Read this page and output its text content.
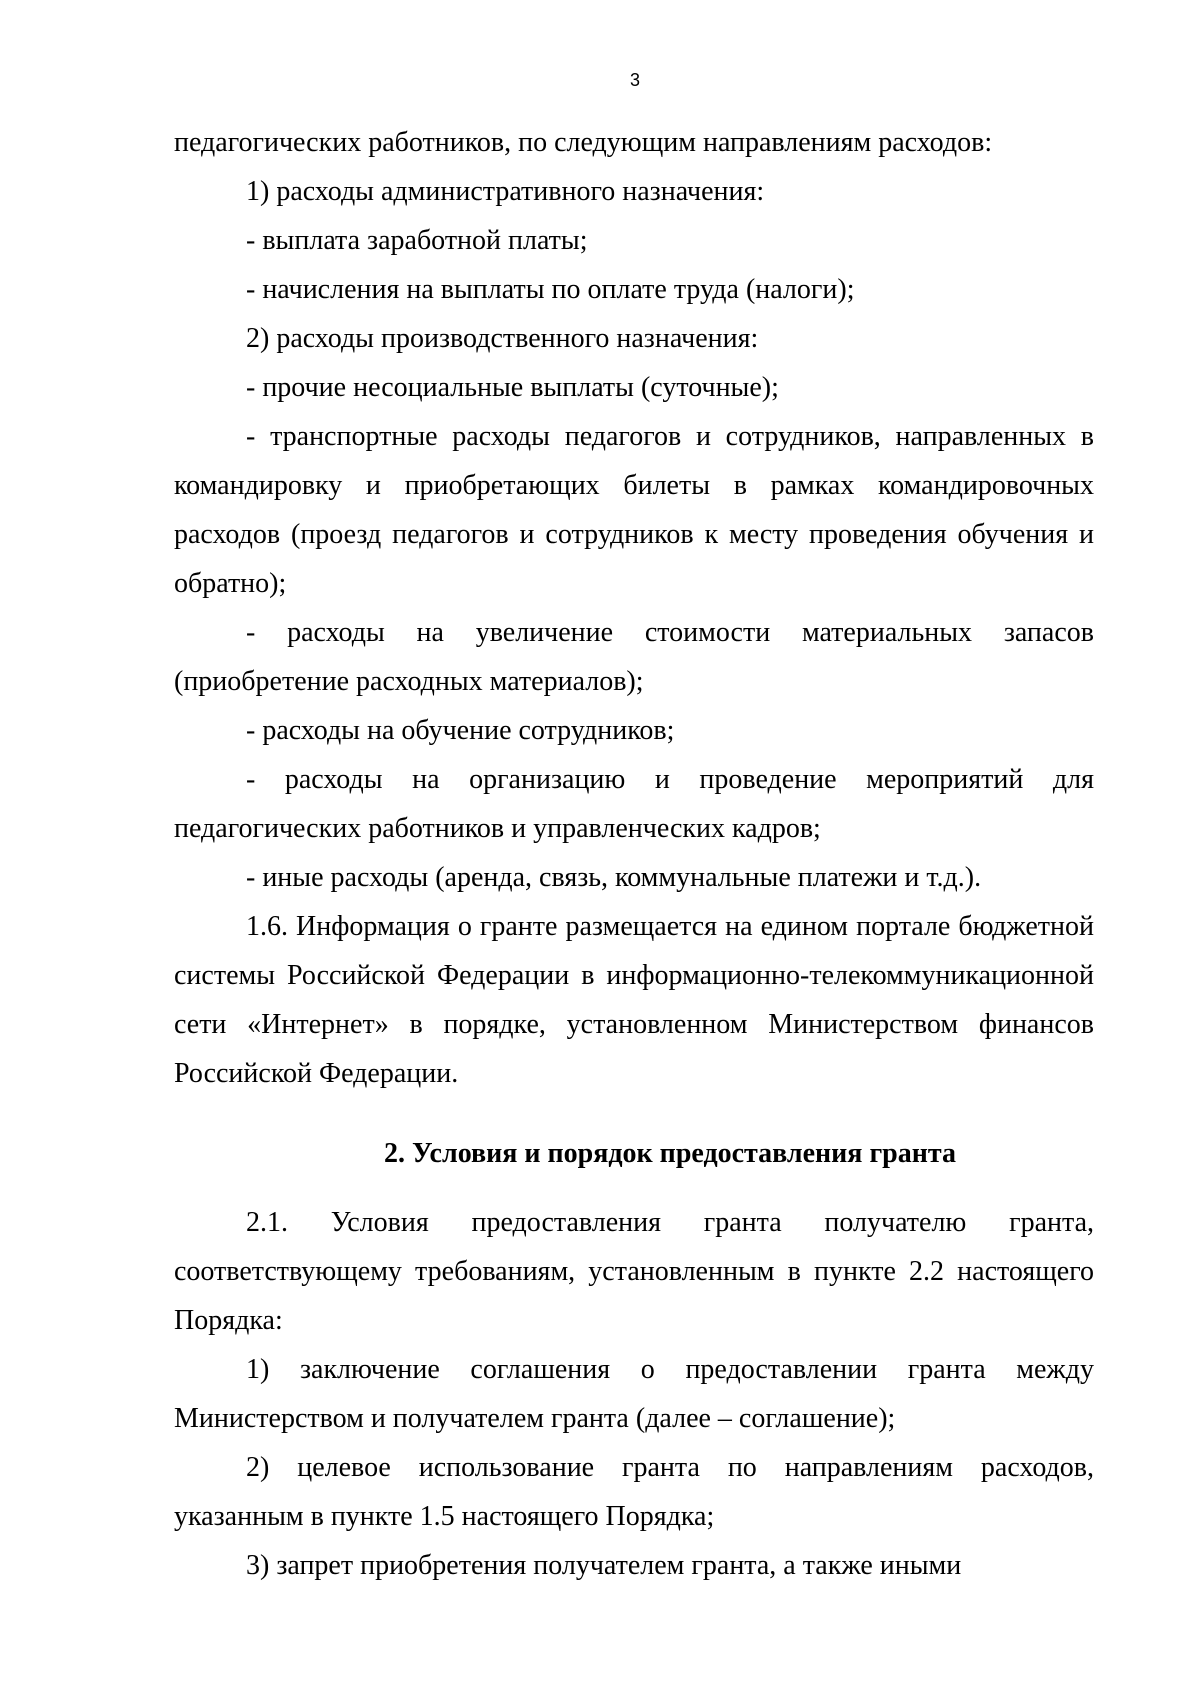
3

педагогических работников, по следующим направлениям расходов:

1) расходы административного назначения:

- выплата заработной платы;

- начисления на выплаты по оплате труда (налоги);

2) расходы производственного назначения:

- прочие несоциальные выплаты (суточные);

- транспортные расходы педагогов и сотрудников, направленных в командировку и приобретающих билеты в рамках командировочных расходов (проезд педагогов и сотрудников к месту проведения обучения и обратно);

- расходы на увеличение стоимости материальных запасов (приобретение расходных материалов);

- расходы на обучение сотрудников;

- расходы на организацию и проведение мероприятий для педагогических работников и управленческих кадров;

- иные расходы (аренда, связь, коммунальные платежи и т.д.).

1.6. Информация о гранте размещается на едином портале бюджетной системы Российской Федерации в информационно-телекоммуникационной сети «Интернет» в порядке, установленном Министерством финансов Российской Федерации.

2. Условия и порядок предоставления гранта

2.1. Условия предоставления гранта получателю гранта, соответствующему требованиям, установленным в пункте 2.2 настоящего Порядка:

1) заключение соглашения о предоставлении гранта между Министерством и получателем гранта (далее – соглашение);

2) целевое использование гранта по направлениям расходов, указанным в пункте 1.5 настоящего Порядка;

3) запрет приобретения получателем гранта, а также иными
